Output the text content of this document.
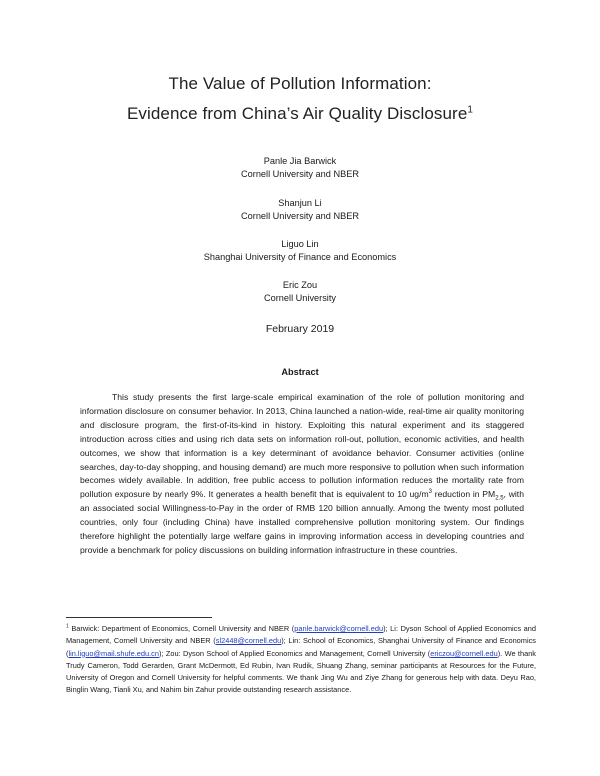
The Value of Pollution Information:
Evidence from China’s Air Quality Disclosure$^1$
Panle Jia Barwick
Cornell University and NBER
Shanjun Li
Cornell University and NBER
Liguo Lin
Shanghai University of Finance and Economics
Eric Zou
Cornell University
February 2019
Abstract

This study presents the first large-scale empirical examination of the role of pollution monitoring and information disclosure on consumer behavior. In 2013, China launched a nation-wide, real-time air quality monitoring and disclosure program, the first-of-its-kind in history. Exploiting this natural experiment and its staggered introduction across cities and using rich data sets on information roll-out, pollution, economic activities, and health outcomes, we show that information is a key determinant of avoidance behavior. Consumer activities (online searches, day-to-day shopping, and housing demand) are much more responsive to pollution when such information becomes widely available. In addition, free public access to pollution information reduces the mortality rate from pollution exposure by nearly 9%. It generates a health benefit that is equivalent to 10 $ug/m^3$ reduction in $PM_{2.5}$, with an associated social Willingness-to-Pay in the order of RMB 120 billion annually. Among the twenty most polluted countries, only four (including China) have installed comprehensive pollution monitoring system. Our findings therefore highlight the potentially large welfare gains in improving information access in developing countries and provide a benchmark for policy discussions on building information infrastructure in these countries.

$^1$ Barwick: Department of Economics, Cornell University and NBER (panle.barwick@cornell.edu); Li: Dyson School of Applied Economics and Management, Cornell University and NBER (sl2448@cornell.edu); Lin: School of Economics, Shanghai University of Finance and Economics (lin.liguo@mail.shufe.edu.cn); Zou: Dyson School of Applied Economics and Management, Cornell University (ericzou@cornell.edu). We thank Trudy Cameron, Todd Gerarden, Grant McDermott, Ed Rubin, Ivan Rudik, Shuang Zhang, seminar participants at Resources for the Future, University of Oregon and Cornell University for helpful comments. We thank Jing Wu and Ziye Zhang for generous help with data. Deyu Rao, Binglin Wang, Tianli Xu, and Nahim bin Zahur provide outstanding research assistance.
